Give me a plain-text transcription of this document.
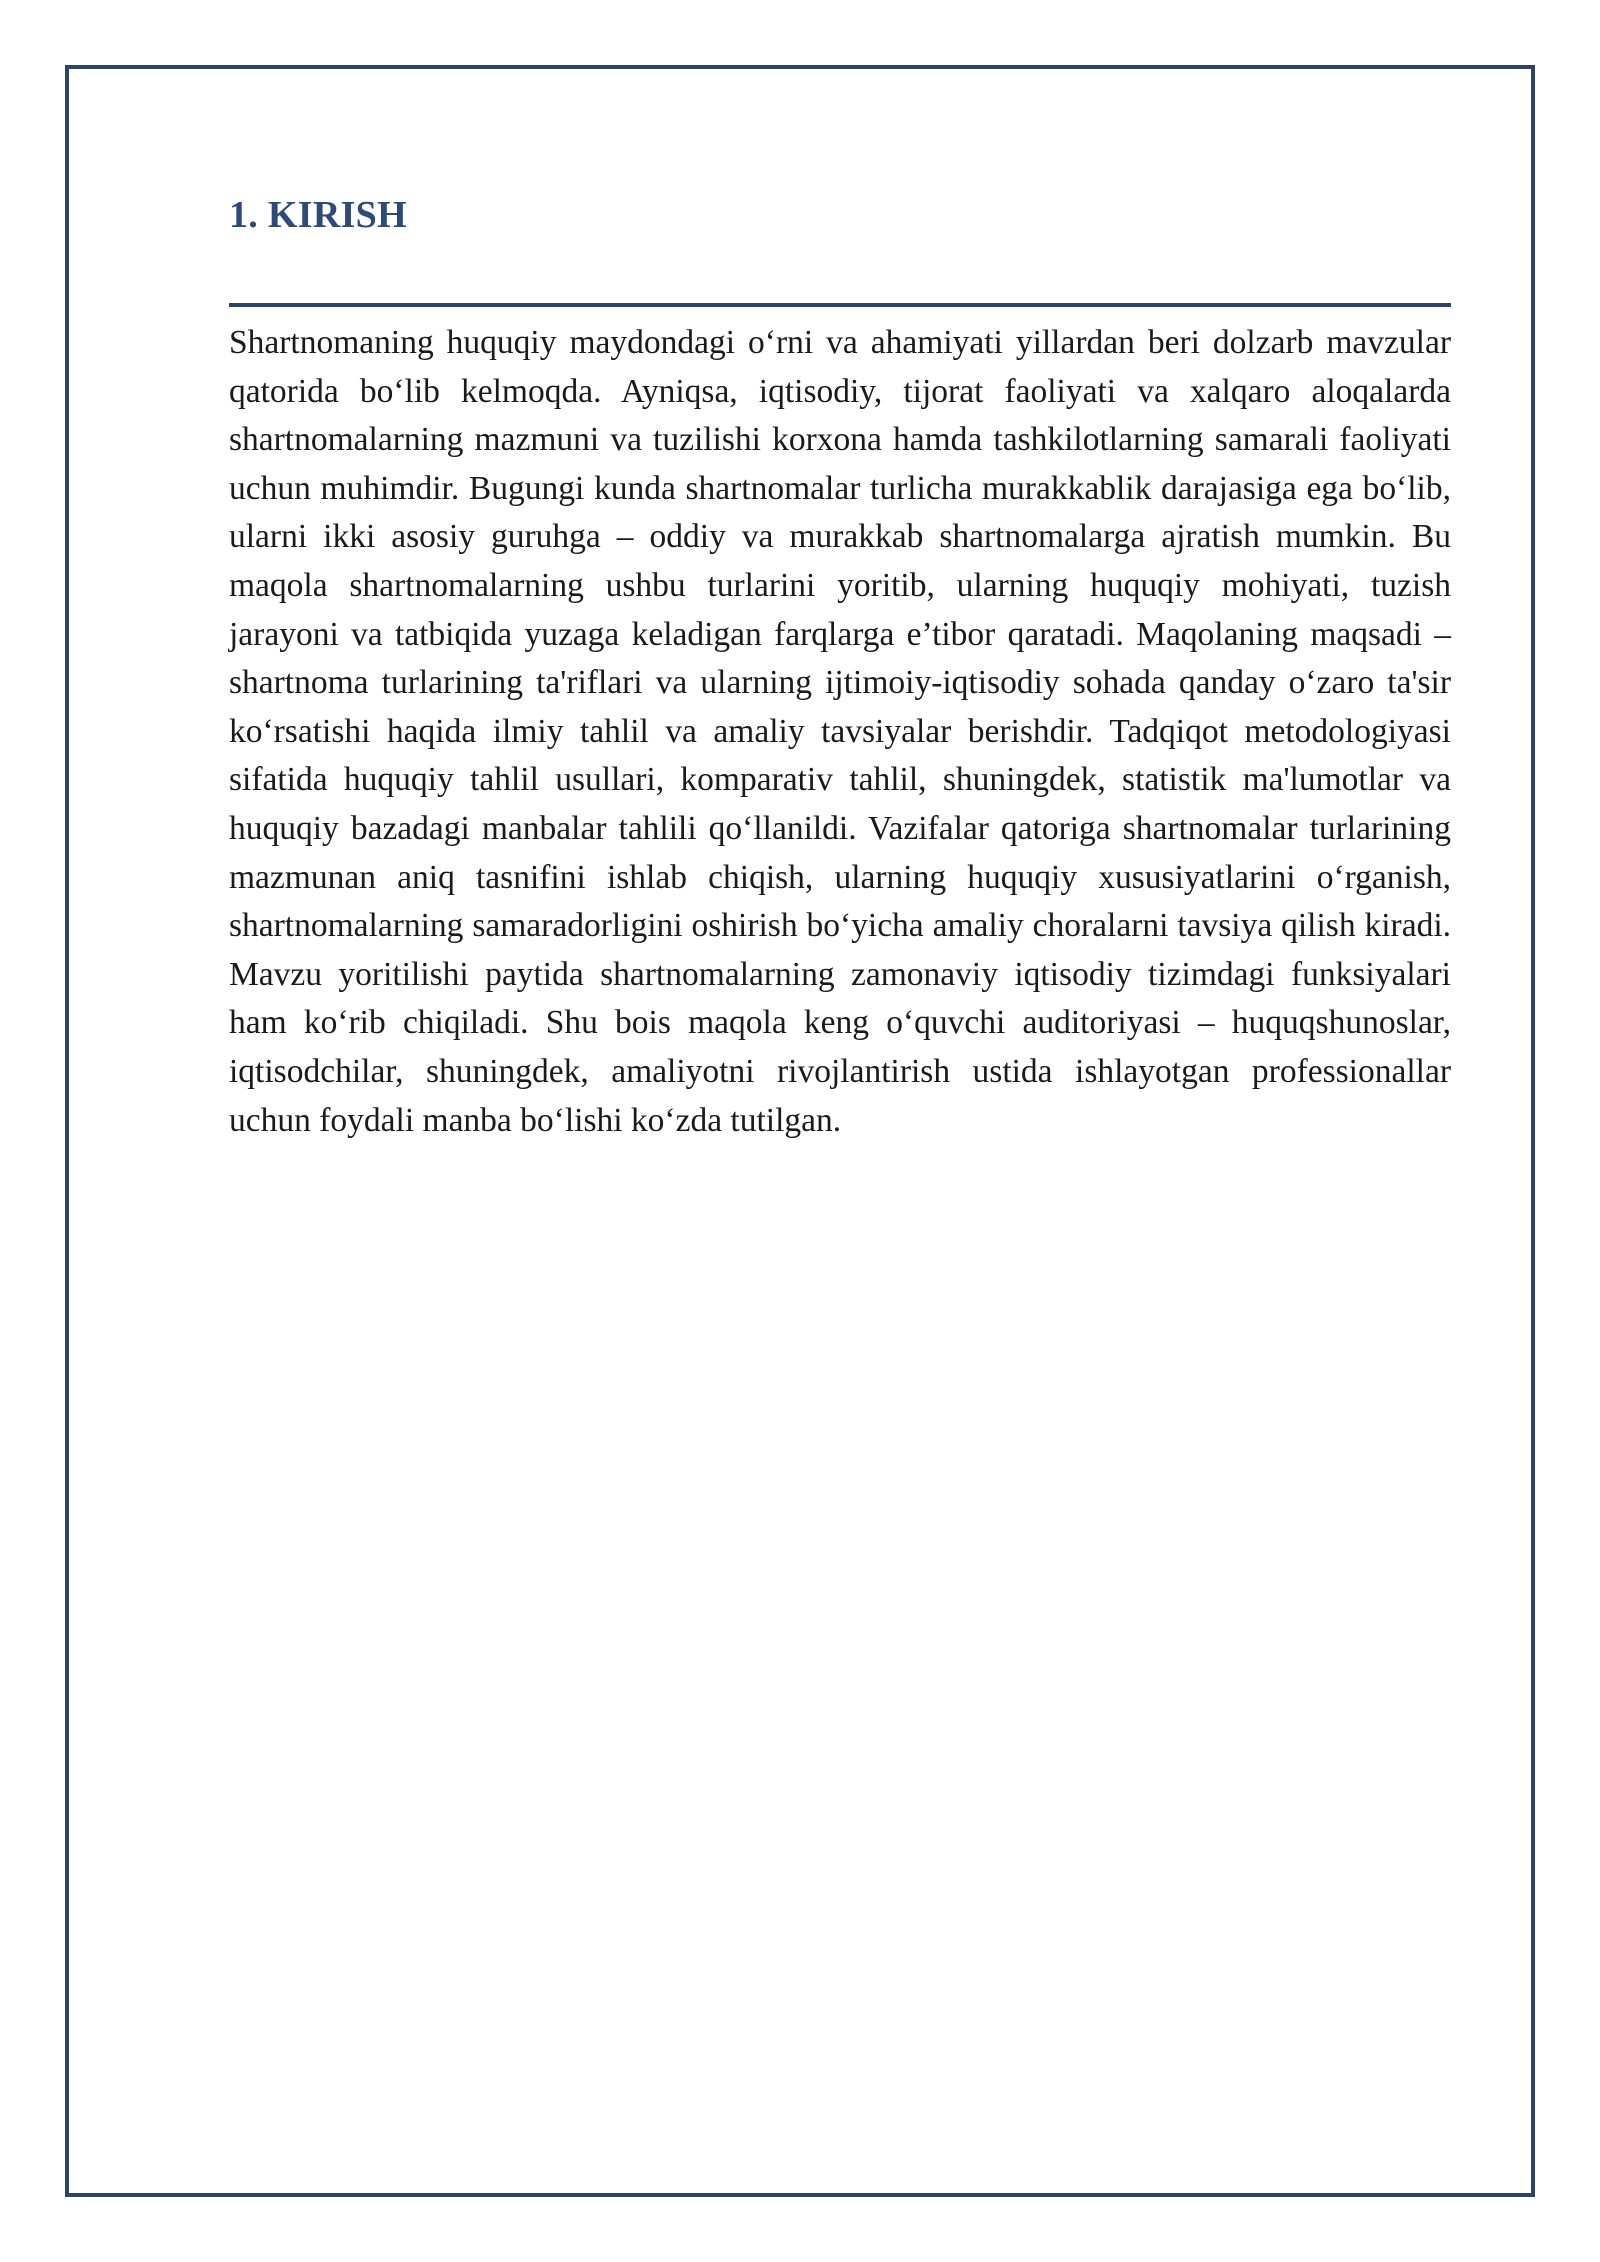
1. KIRISH

Shartnomaning huquqiy maydondagi o‘rni va ahamiyati yillardan beri dolzarb mavzular qatorida bo‘lib kelmoqda. Ayniqsa, iqtisodiy, tijorat faoliyati va xalqaro aloqalarda shartnomalarning mazmuni va tuzilishi korxona hamda tashkilotlarning samarali faoliyati uchun muhimdir. Bugungi kunda shartnomalar turlicha murakkablik darajasiga ega bo‘lib, ularni ikki asosiy guruhga – oddiy va murakkab shartnomalarga ajratish mumkin. Bu maqola shartnomalarning ushbu turlarini yoritib, ularning huquqiy mohiyati, tuzish jarayoni va tatbiqida yuzaga keladigan farqlarga e’tibor qaratadi. Maqolaning maqsadi – shartnoma turlarining ta'riflari va ularning ijtimoiy-iqtisodiy sohada qanday o‘zaro ta'sir ko‘rsatishi haqida ilmiy tahlil va amaliy tavsiyalar berishdir. Tadqiqot metodologiyasi sifatida huquqiy tahlil usullari, komparativ tahlil, shuningdek, statistik ma'lumotlar va huquqiy bazadagi manbalar tahlili qo‘llanildi. Vazifalar qatoriga shartnomalar turlarining mazmunan aniq tasnifini ishlab chiqish, ularning huquqiy xususiyatlarini o‘rganish, shartnomalarning samaradorligini oshirish bo‘yicha amaliy choralarni tavsiya qilish kiradi. Mavzu yoritilishi paytida shartnomalarning zamonaviy iqtisodiy tizimdagi funksiyalari ham ko‘rib chiqiladi. Shu bois maqola keng o‘quvchi auditoriyasi – huquqshunoslar, iqtisodchilar, shuningdek, amaliyotni rivojlantirish ustida ishlayotgan professionallar uchun foydali manba bo‘lishi ko‘zda tutilgan.
